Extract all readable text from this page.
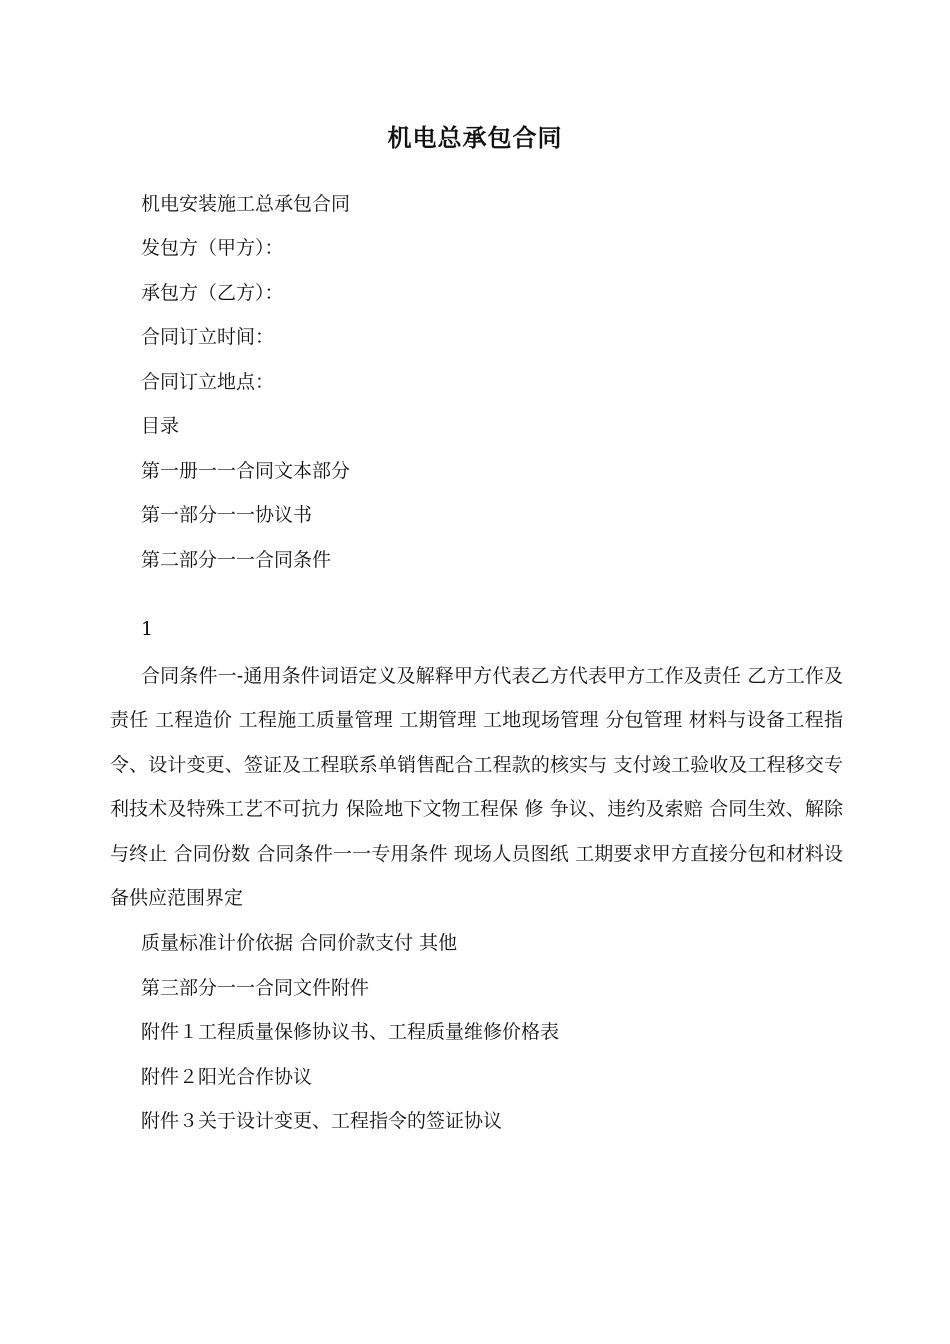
机电总承包合同
机电安装施工总承包合同
发包方（甲方）：
承包方（乙方）：
合同订立时间：
合同订立地点：
目录
第一册一一合同文本部分
第一部分一一协议书
第二部分一一合同条件
1
合同条件一-通用条件词语定义及解释甲方代表乙方代表甲方工作及责任 乙方工作及责任 工程造价 工程施工质量管理 工期管理 工地现场管理 分包管理 材料与设备工程指令、设计变更、签证及工程联系单销售配合工程款的核实与 支付竣工验收及工程移交专利技术及特殊工艺不可抗力 保险地下文物工程保 修 争议、违约及索赔 合同生效、解除与终止 合同份数 合同条件一一专用条件 现场人员图纸 工期要求甲方直接分包和材料设备供应范围界定
质量标准计价依据 合同价款支付 其他
第三部分一一合同文件附件
附件１工程质量保修协议书、工程质量维修价格表
附件２阳光合作协议
附件３关于设计变更、工程指令的签证协议
